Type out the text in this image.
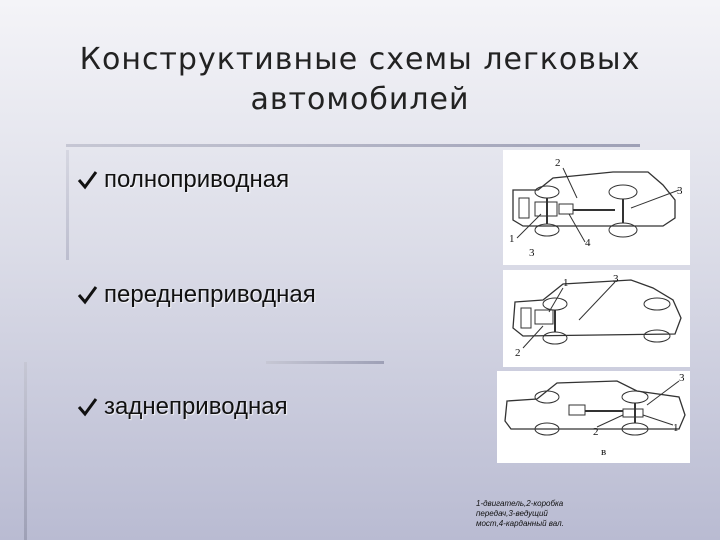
Конструктивные схемы легковых
автомобилей
полноприводная
переднеприводная
заднеприводная
2
3
1	4
3
1	3
2
3
2	1
в
1-двигатель,2-коробка
передач,3-ведущий
мост,4-карданный вал.
